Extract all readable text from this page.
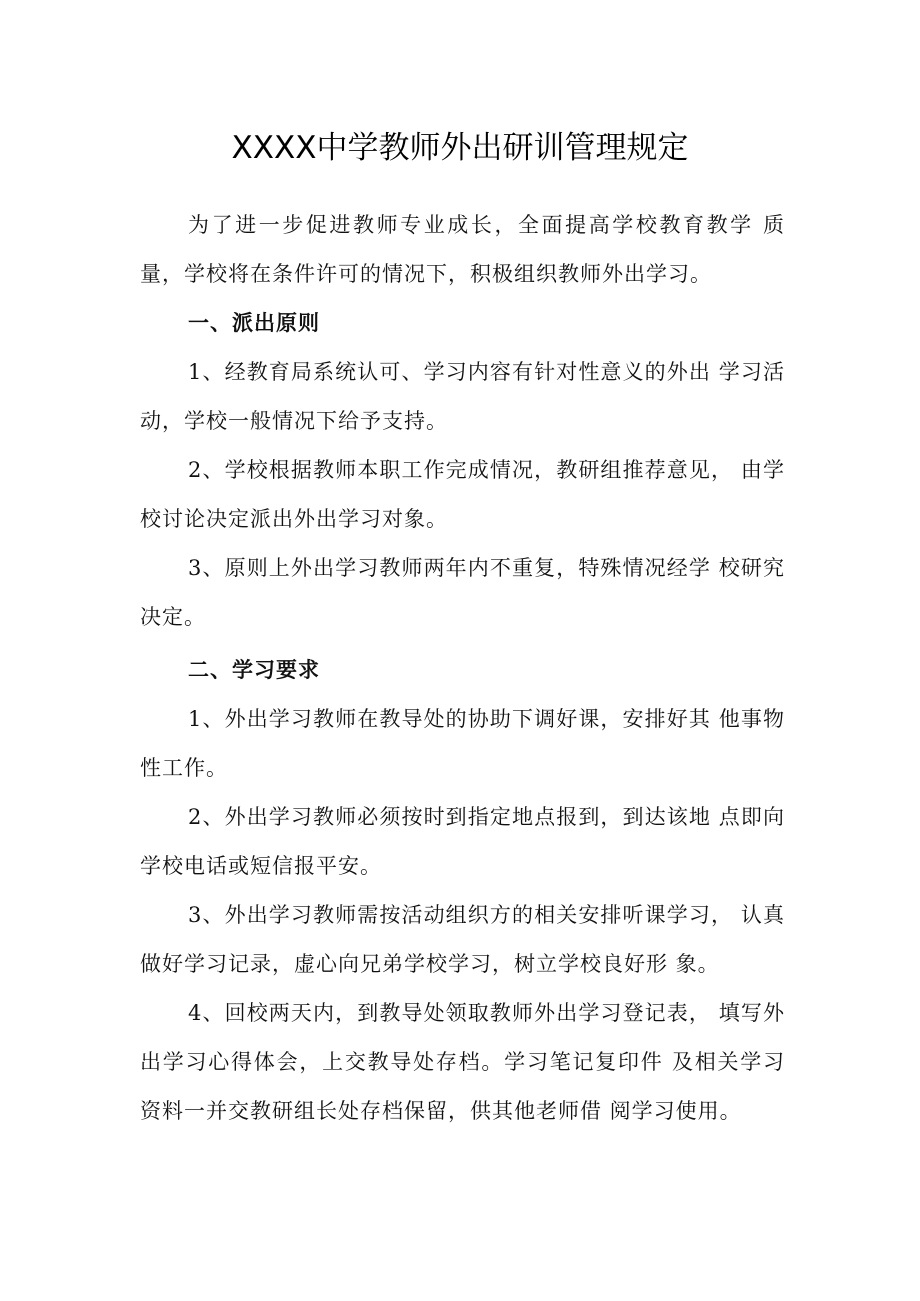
XXXX中学教师外出研训管理规定

为了进一步促进教师专业成长，全面提高学校教育教学 质量，学校将在条件许可的情况下，积极组织教师外出学习。

一、派出原则

1、经教育局系统认可、学习内容有针对性意义的外出 学习活动，学校一般情况下给予支持。

2、学校根据教师本职工作完成情况，教研组推荐意见， 由学校讨论决定派出外出学习对象。

3、原则上外出学习教师两年内不重复，特殊情况经学 校研究决定。

二、学习要求

1、外出学习教师在教导处的协助下调好课，安排好其 他事物性工作。

2、外出学习教师必须按时到指定地点报到，到达该地 点即向学校电话或短信报平安。

3、外出学习教师需按活动组织方的相关安排听课学习， 认真做好学习记录，虚心向兄弟学校学习，树立学校良好形 象。

4、回校两天内，到教导处领取教师外出学习登记表， 填写外出学习心得体会，上交教导处存档。学习笔记复印件 及相关学习资料一并交教研组长处存档保留，供其他老师借 阅学习使用。
